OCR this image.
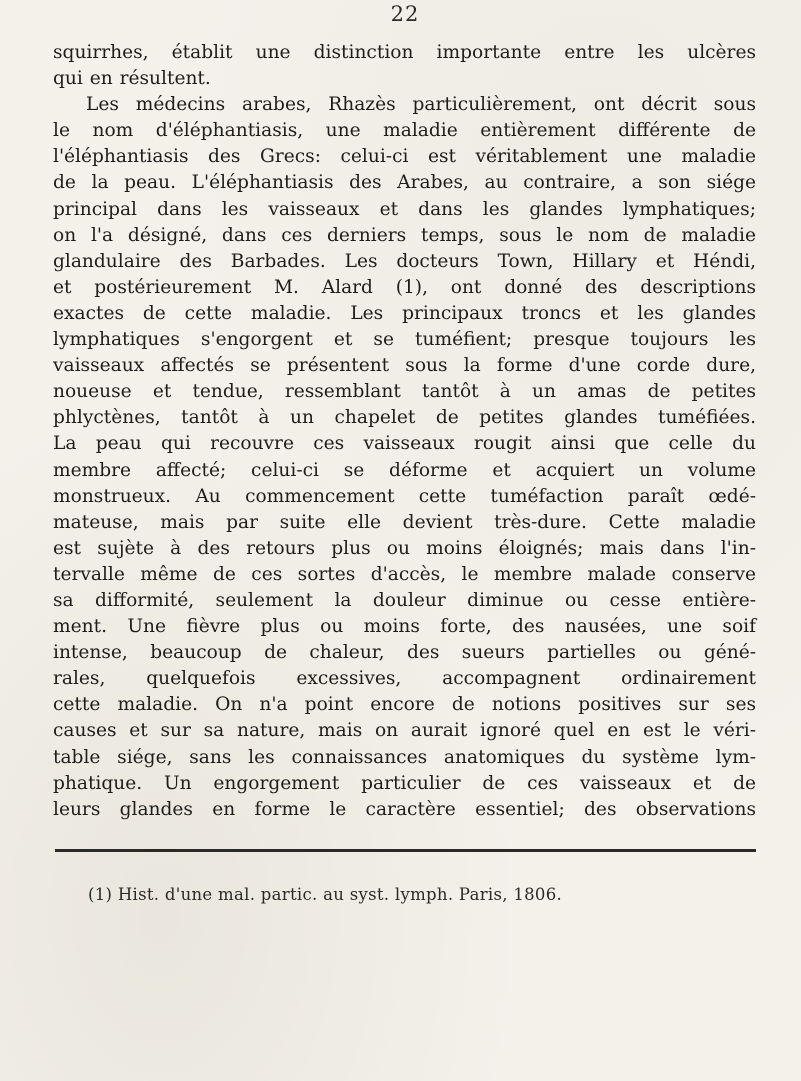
22
squirrhes, établit une distinction importante entre les ulcères
qui en résultent.
Les médecins arabes, Rhazès particulièrement, ont décrit sous
le nom d'éléphantiasis, une maladie entièrement différente de
l'éléphantiasis des Grecs: celui-ci est véritablement une maladie
de la peau. L'éléphantiasis des Arabes, au contraire, a son siége
principal dans les vaisseaux et dans les glandes lymphatiques;
on l'a désigné, dans ces derniers temps, sous le nom de maladie
glandulaire des Barbades. Les docteurs Town, Hillary et Héndi,
et postérieurement M. Alard (1), ont donné des descriptions
exactes de cette maladie. Les principaux troncs et les glandes
lymphatiques s'engorgent et se tuméfient; presque toujours les
vaisseaux affectés se présentent sous la forme d'une corde dure,
noueuse et tendue, ressemblant tantôt à un amas de petites
phlyctènes, tantôt à un chapelet de petites glandes tuméfiées.
La peau qui recouvre ces vaisseaux rougit ainsi que celle du
membre affecté; celui-ci se déforme et acquiert un volume
monstrueux. Au commencement cette tuméfaction paraît œdé-
mateuse, mais par suite elle devient très-dure. Cette maladie
est sujète à des retours plus ou moins éloignés; mais dans l'in-
tervalle même de ces sortes d'accès, le membre malade conserve
sa difformité, seulement la douleur diminue ou cesse entière-
ment. Une fièvre plus ou moins forte, des nausées, une soif
intense, beaucoup de chaleur, des sueurs partielles ou géné-
rales, quelquefois excessives, accompagnent ordinairement
cette maladie. On n'a point encore de notions positives sur ses
causes et sur sa nature, mais on aurait ignoré quel en est le véri-
table siége, sans les connaissances anatomiques du système lym-
phatique. Un engorgement particulier de ces vaisseaux et de
leurs glandes en forme le caractère essentiel; des observations
(1) Hist. d'une mal. partic. au syst. lymph. Paris, 1806.
